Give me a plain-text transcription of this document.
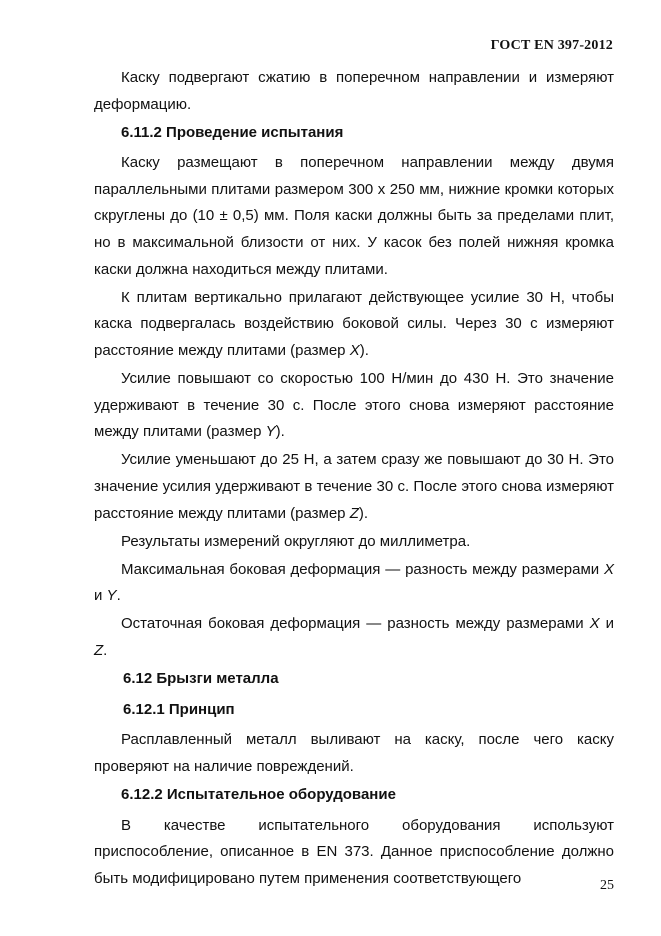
ГОСТ EN 397-2012

Каску подвергают сжатию в поперечном направлении и измеряют деформацию.

6.11.2 Проведение испытания

Каску размещают в поперечном направлении между двумя параллельными плитами размером 300 x 250 мм, нижние кромки которых скруглены до (10 ± 0,5) мм. Поля каски должны быть за пределами плит, но в максимальной близости от них. У касок без полей нижняя кромка каски должна находиться между плитами.

К плитам вертикально прилагают действующее усилие 30 Н, чтобы каска подвергалась воздействию боковой силы. Через 30 с измеряют расстояние между плитами (размер X).

Усилие повышают со скоростью 100 Н/мин до 430 Н. Это значение удерживают в течение 30 с. После этого снова измеряют расстояние между плитами (размер Y).

Усилие уменьшают до 25 Н, а затем сразу же повышают до 30 Н. Это значение усилия удерживают в течение 30 с. После этого снова измеряют расстояние между плитами (размер Z).

Результаты измерений округляют до миллиметра.

Максимальная боковая деформация — разность между размерами X и Y.

Остаточная боковая деформация — разность между размерами X и Z.

6.12 Брызги металла

6.12.1 Принцип

Расплавленный металл выливают на каску, после чего каску проверяют на наличие повреждений.

6.12.2 Испытательное оборудование

В качестве испытательного оборудования используют приспособление, описанное в EN 373. Данное приспособление должно быть модифицировано путем применения соответствующего	25
